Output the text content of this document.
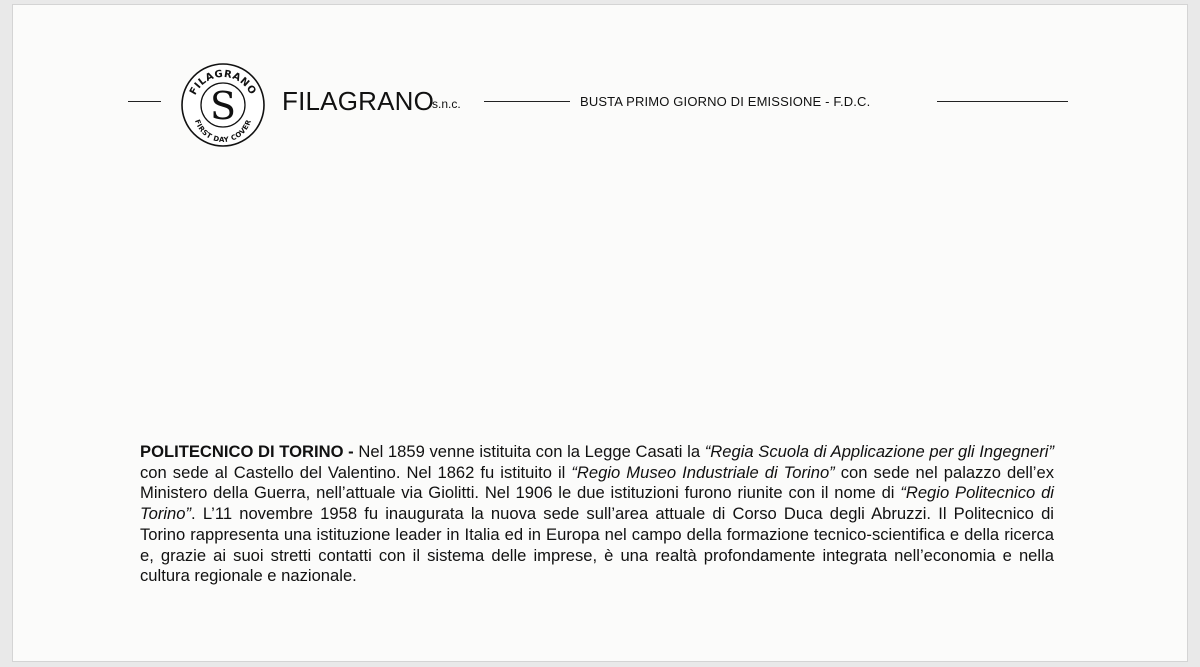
FILAGRANO
FIRST DAY COVER
S FILAGRANO
s.n.c.	BUSTA PRIMO GIORNO DI EMISSIONE - F.D.C.

POLITECNICO DI TORINO - Nel 1859 venne istituita con la Legge Casati la “Regia Scuola di Applicazione per gli Ingegneri” con sede al Castello del Valentino. Nel 1862 fu istituito il “Regio Museo Industriale di Torino” con sede nel palazzo dell’ex Ministero della Guerra, nell’attuale via Giolitti. Nel 1906 le due istituzioni furono riunite con il nome di “Regio Politecnico di Torino”. L’11 novembre 1958 fu inaugurata la nuova sede sull’area attuale di Corso Duca degli Abruzzi. Il Politecnico di Torino rappresenta una istituzione leader in Italia ed in Europa nel campo della formazione tecnico-scientifica e della ricerca e, grazie ai suoi stretti contatti con il sistema delle imprese, è una realtà profondamente integrata nell’economia e nella cultura regionale e nazionale.
